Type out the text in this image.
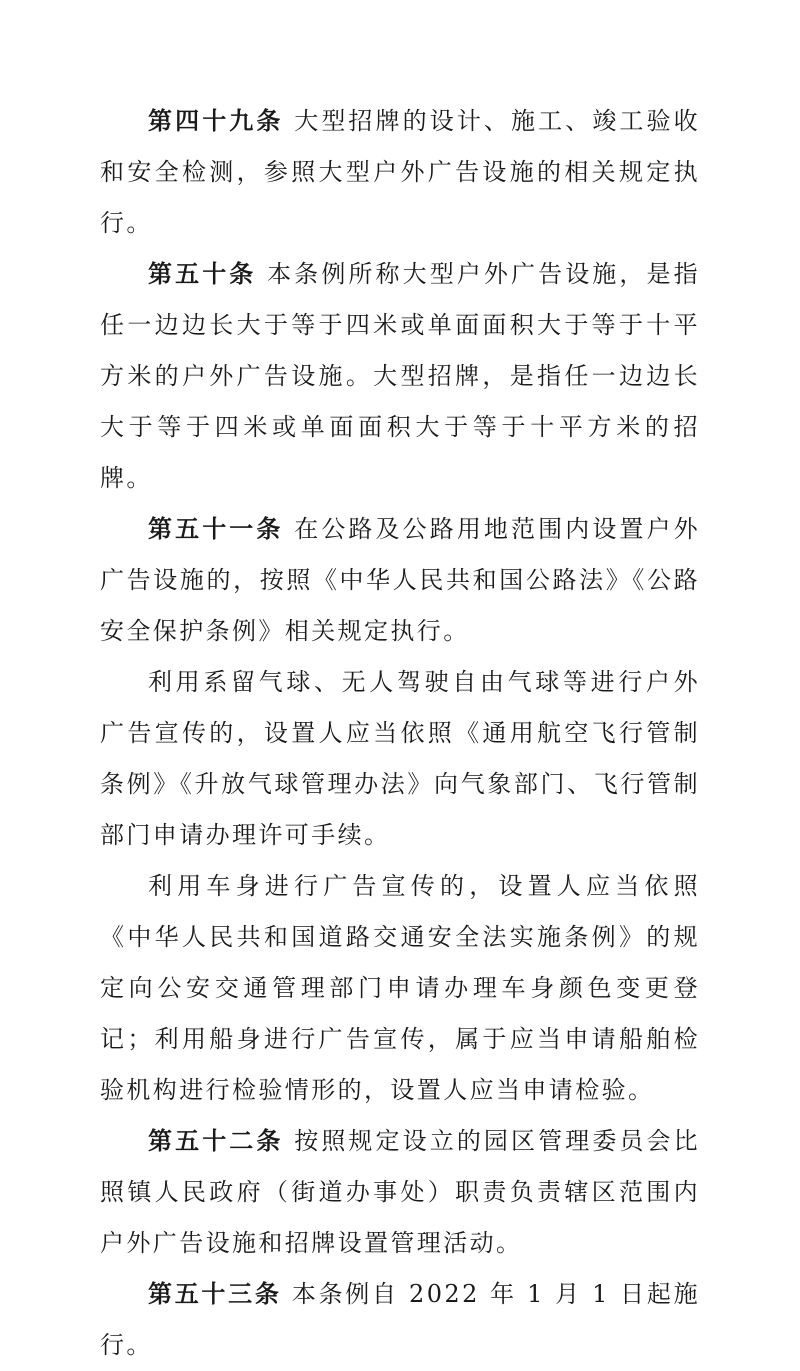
第四十九条 大型招牌的设计、施工、竣工验收和安全检测，参照大型户外广告设施的相关规定执行。

第五十条 本条例所称大型户外广告设施，是指任一边边长大于等于四米或单面面积大于等于十平方米的户外广告设施。大型招牌，是指任一边边长大于等于四米或单面面积大于等于十平方米的招牌。

第五十一条 在公路及公路用地范围内设置户外广告设施的，按照《中华人民共和国公路法》《公路安全保护条例》相关规定执行。

利用系留气球、无人驾驶自由气球等进行户外广告宣传的，设置人应当依照《通用航空飞行管制条例》《升放气球管理办法》向气象部门、飞行管制部门申请办理许可手续。

利用车身进行广告宣传的，设置人应当依照《中华人民共和国道路交通安全法实施条例》的规定向公安交通管理部门申请办理车身颜色变更登记；利用船身进行广告宣传，属于应当申请船舶检验机构进行检验情形的，设置人应当申请检验。

第五十二条 按照规定设立的园区管理委员会比照镇人民政府（街道办事处）职责负责辖区范围内户外广告设施和招牌设置管理活动。

第五十三条 本条例自 2022 年 1 月 1 日起施行。
